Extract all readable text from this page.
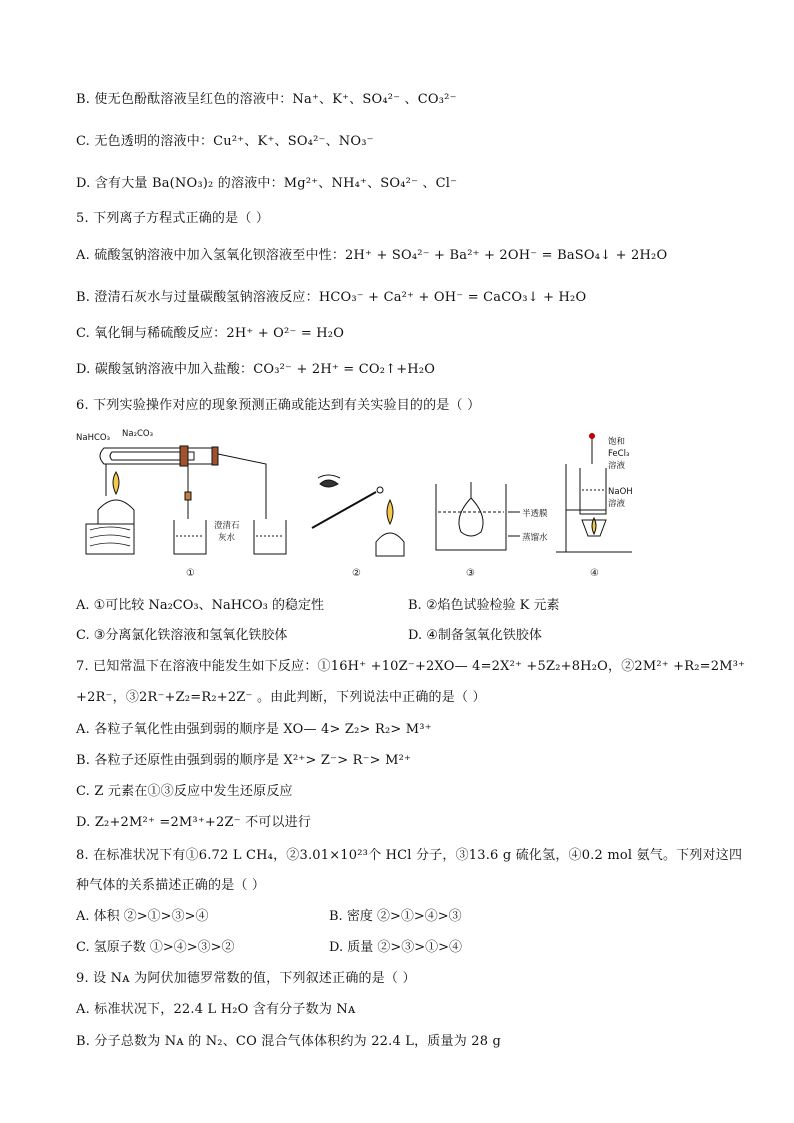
B. 使无色酚酞溶液呈红色的溶液中：Na⁺、K⁺、SO₄²⁻ 、CO₃²⁻
C. 无色透明的溶液中：Cu²⁺、K⁺、SO₄²⁻、NO₃⁻
D. 含有大量 Ba(NO₃)₂ 的溶液中：Mg²⁺、NH₄⁺、SO₄²⁻ 、Cl⁻
5. 下列离子方程式正确的是（ ）
A. 硫酸氢钠溶液中加入氢氧化钡溶液至中性：2H⁺ + SO₄²⁻ + Ba²⁺ + 2OH⁻ = BaSO₄↓ + 2H₂O
B. 澄清石灰水与过量碳酸氢钠溶液反应：HCO₃⁻ + Ca²⁺ + OH⁻ = CaCO₃↓ + H₂O
C. 氧化铜与稀硫酸反应：2H⁺ + O²⁻ = H₂O
D. 碳酸氢钠溶液中加入盐酸：CO₃²⁻ + 2H⁺ = CO₂↑+H₂O
6. 下列实验操作对应的现象预测正确或能达到有关实验目的的是（ ）
NaHCO₃ Na₂CO₃
澄清石
灰水
①	②
半透膜
蒸馏水
③
饱和
FeCl₃
溶液
NaOH
溶液
④
A. ①可比较 Na₂CO₃、NaHCO₃ 的稳定性	B. ②焰色试验检验 K 元素
C. ③分离氯化铁溶液和氢氧化铁胶体	D. ④制备氢氧化铁胶体
7. 已知常温下在溶液中能发生如下反应：①16H⁺ +10Z⁻+2XO— 4=2X²⁺ +5Z₂+8H₂O，②2M²⁺ +R₂=2M³⁺
+2R⁻，③2R⁻+Z₂=R₂+2Z⁻ 。由此判断，下列说法中正确的是（ ）
A. 各粒子氧化性由强到弱的顺序是 XO— 4> Z₂> R₂> M³⁺
B. 各粒子还原性由强到弱的顺序是 X²⁺> Z⁻> R⁻> M²⁺
C. Z 元素在①③反应中发生还原反应
D. Z₂+2M²⁺ =2M³⁺+2Z⁻ 不可以进行
8. 在标准状况下有①6.72 L CH₄，②3.01×10²³个 HCl 分子，③13.6 g 硫化氢，④0.2 mol 氨气。下列对这四
种气体的关系描述正确的是（ ）
A. 体积 ②>①>③>④	B. 密度 ②>①>④>③
C. 氢原子数 ①>④>③>②	D. 质量 ②>③>①>④
9. 设 Nᴀ 为阿伏加德罗常数的值，下列叙述正确的是（ ）
A. 标准状况下，22.4 L H₂O 含有分子数为 Nᴀ
B. 分子总数为 Nᴀ 的 N₂、CO 混合气体体积约为 22.4 L，质量为 28 g
